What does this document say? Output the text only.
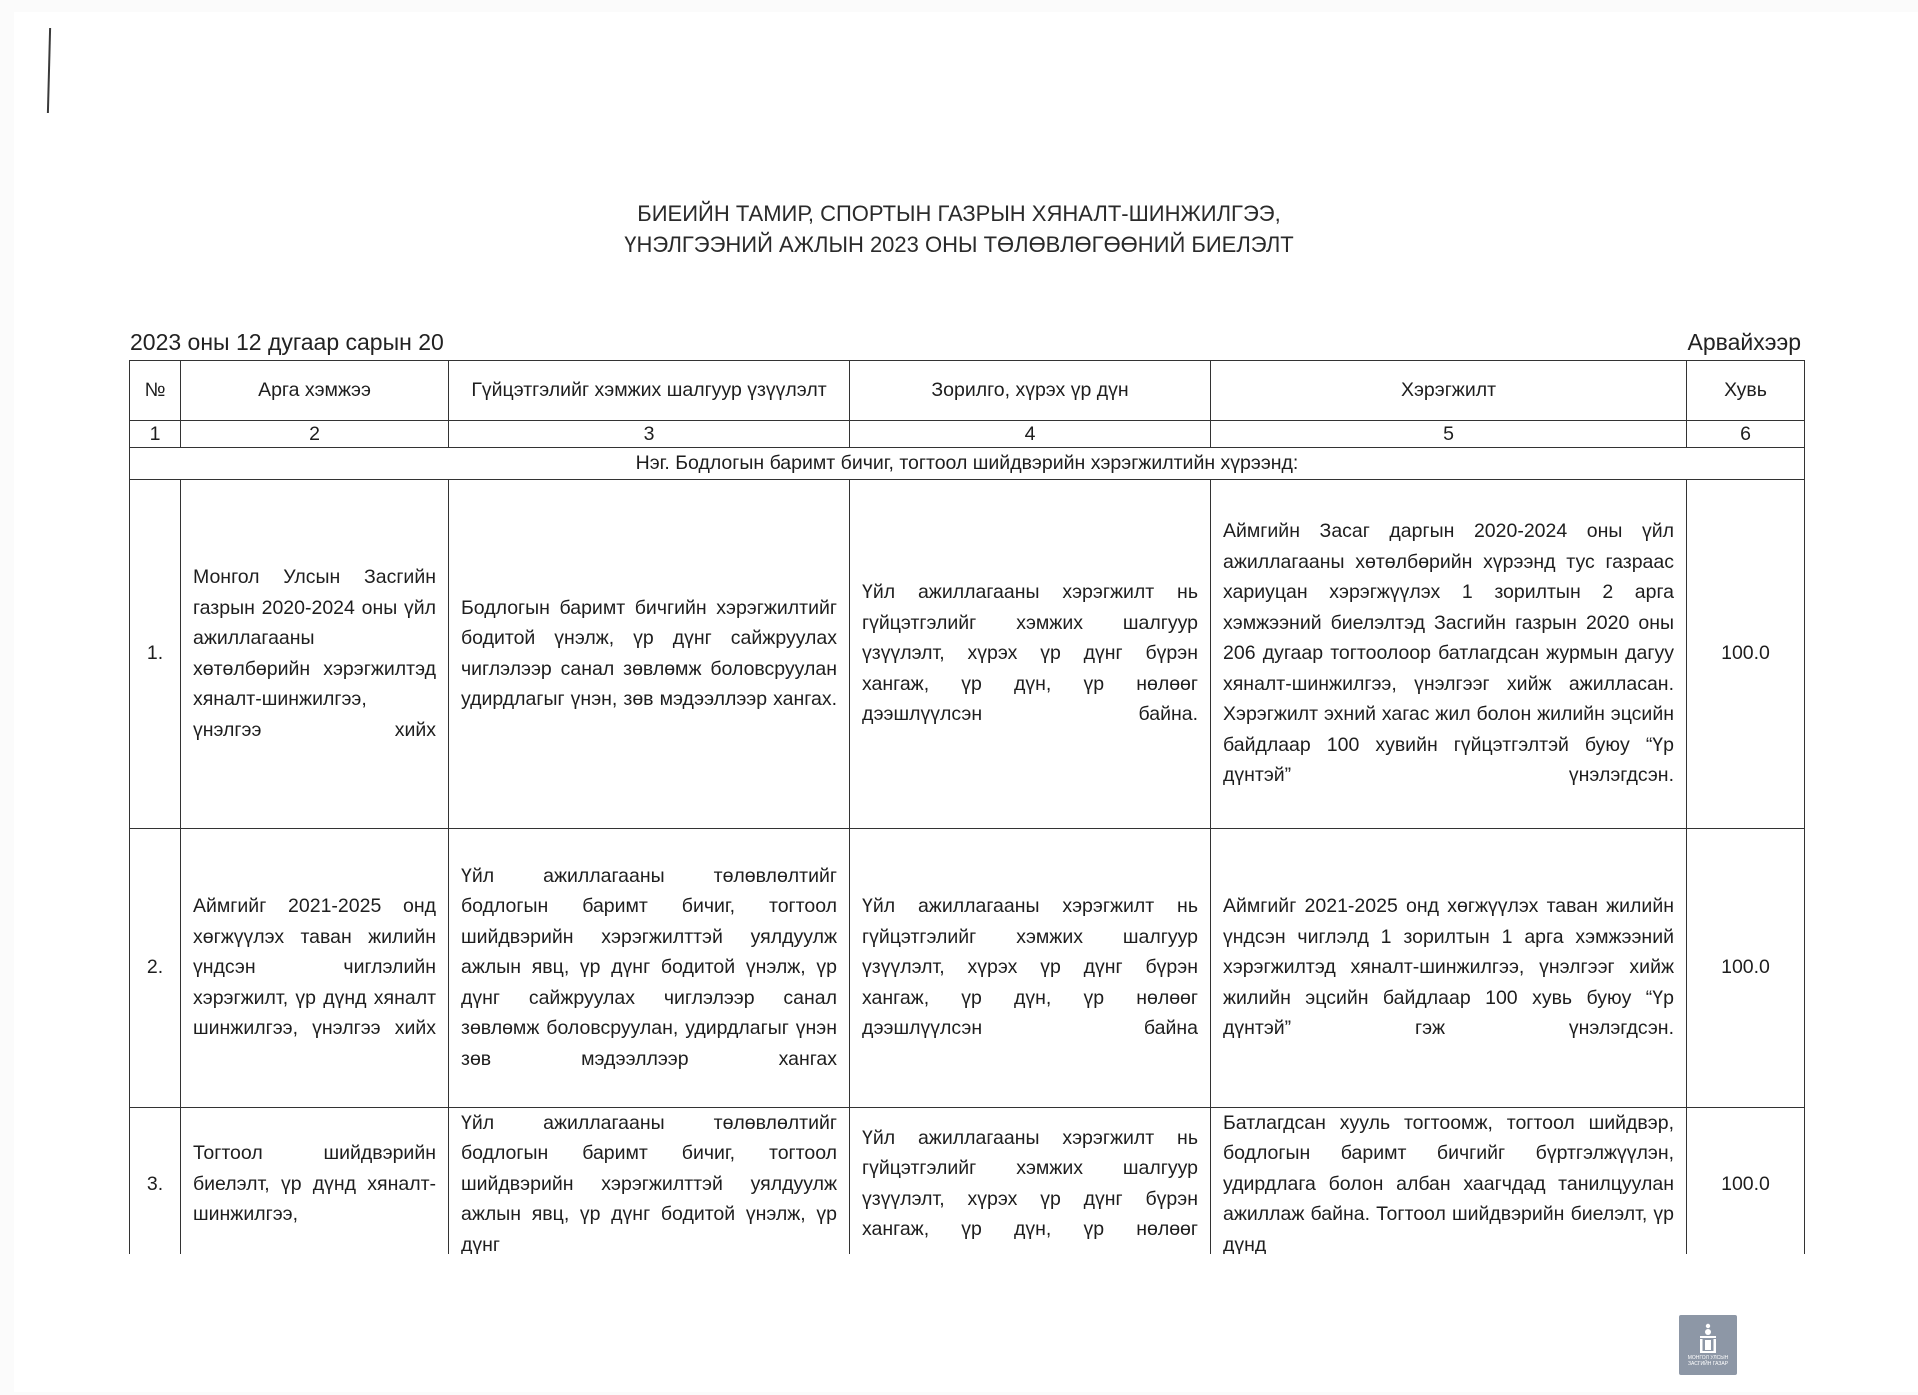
БИЕИЙН ТАМИР, СПОРТЫН ГАЗРЫН ХЯНАЛТ-ШИНЖИЛГЭЭ,
ҮНЭЛГЭЭНИЙ АЖЛЫН 2023 ОНЫ ТӨЛӨВЛӨГӨӨНИЙ БИЕЛЭЛТ
2023 оны 12 дугаар сарын 20	Арвайхээр
№	Арга хэмжээ	Гүйцэтгэлийг хэмжих шалгуур үзүүлэлт	Зорилго, хүрэх үр дүн	Хэрэгжилт	Хувь
1	2	3	4	5	6
Нэг. Бодлогын баримт бичиг, тогтоол шийдвэрийн хэрэгжилтийн хүрээнд:					
1.	Монгол Улсын Засгийн газрын 2020-2024 оны үйл ажиллагааны хөтөлбөрийн хэрэгжилтэд хяналт-шинжилгээ, үнэлгээ хийх	Бодлогын баримт бичгийн хэрэгжилтийг бодитой үнэлж, үр дүнг сайжруулах чиглэлээр санал зөвлөмж боловсруулан удирдлагыг үнэн, зөв мэдээллээр хангах.	Үйл ажиллагааны хэрэгжилт нь гүйцэтгэлийг хэмжих шалгуур үзүүлэлт, хүрэх үр дүнг бүрэн хангаж, үр дүн, үр нөлөөг дээшлүүлсэн байна.	Аймгийн Засаг даргын 2020-2024 оны үйл ажиллагааны хөтөлбөрийн хүрээнд тус газраас хариуцан хэрэгжүүлэх 1 зорилтын 2 арга хэмжээний биелэлтэд Засгийн газрын 2020 оны 206 дугаар тогтоолоор батлагдсан журмын дагуу хяналт-шинжилгээ, үнэлгээг хийж ажилласан. Хэрэгжилт эхний хагас жил болон жилийн эцсийн байдлаар 100 хувийн гүйцэтгэлтэй буюу “Үр дүнтэй” үнэлэгдсэн.	100.0
2.	Аймгийг 2021-2025 онд хөгжүүлэх таван жилийн үндсэн чиглэлийн хэрэгжилт, үр дүнд хяналт шинжилгээ, үнэлгээ хийх	Үйл ажиллагааны төлөвлөлтийг бодлогын баримт бичиг, тогтоол шийдвэрийн хэрэгжилттэй уялдуулж ажлын явц, үр дүнг бодитой үнэлж, үр дүнг сайжруулах чиглэлээр санал зөвлөмж боловсруулан, удирдлагыг үнэн зөв мэдээллээр хангах	Үйл ажиллагааны хэрэгжилт нь гүйцэтгэлийг хэмжих шалгуур үзүүлэлт, хүрэх үр дүнг бүрэн хангаж, үр дүн, үр нөлөөг дээшлүүлсэн байна	Аймгийг 2021-2025 онд хөгжүүлэх таван жилийн үндсэн чиглэлд 1 зорилтын 1 арга хэмжээний хэрэгжилтэд хяналт-шинжилгээ, үнэлгээг хийж жилийн эцсийн байдлаар 100 хувь буюу “Үр дүнтэй” гэж үнэлэгдсэн.	100.0
3.	Тогтоол шийдвэрийн биелэлт, үр дүнд хяналт-шинжилгээ,	Үйл ажиллагааны төлөвлөлтийг бодлогын баримт бичиг, тогтоол шийдвэрийн хэрэгжилттэй уялдуулж ажлын явц, үр дүнг бодитой үнэлж, үр дүнг	Үйл ажиллагааны хэрэгжилт нь гүйцэтгэлийг хэмжих шалгуур үзүүлэлт, хүрэх үр дүнг бүрэн хангаж, үр дүн, үр нөлөөг	Батлагдсан хууль тогтоомж, тогтоол шийдвэр, бодлогын баримт бичгийг бүртгэлжүүлэн, удирдлага болон албан хаагчдад танилцуулан ажиллаж байна. Тогтоол шийдвэрийн биелэлт, үр дүнд	100.0
МОНГОЛ УЛСЫН
ЗАСГИЙН ГАЗАР
